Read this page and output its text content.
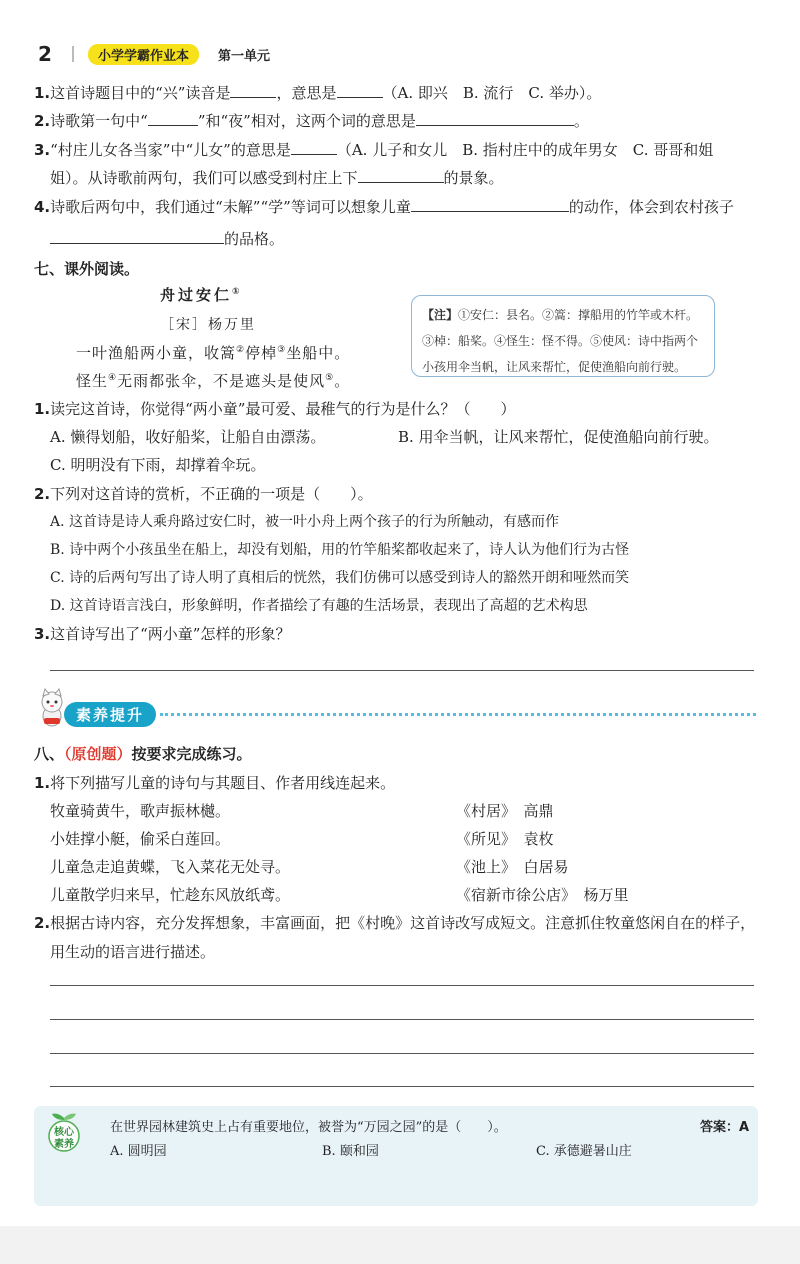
2	小学学霸作业本	第一单元
1.这首诗题目中的“兴”读音是	，意思是	（A. 即兴　B. 流行　C. 举办）。
2.诗歌第一句中“	”和“夜”相对，这两个词的意思是	。
3.“村庄儿女各当家”中“儿女”的意思是	（A. 儿子和女儿　B. 指村庄中的成年男女　C. 哥哥和姐
姐）。从诗歌前两句，我们可以感受到村庄上下	的景象。
4.诗歌后两句中，我们通过“未解”“学”等词可以想象儿童	的动作，体会到农村孩子
的品格。
七、课外阅读。
舟过安仁①
［宋］杨万里
一叶渔船两小童，收篙②停棹③坐船中。
怪生④无雨都张伞，不是遮头是使风⑤。
【注】①安仁：县名。②篙：撑船用的竹竿或木杆。③棹：船桨。④怪生：怪不得。⑤使风：诗中指两个小孩用伞当帆，让风来帮忙，促使渔船向前行驶。
1.读完这首诗，你觉得“两小童”最可爱、最稚气的行为是什么？（　　）
A. 懒得划船，收好船桨，让船自由漂荡。	B. 用伞当帆，让风来帮忙，促使渔船向前行驶。
C. 明明没有下雨，却撑着伞玩。
2.下列对这首诗的赏析，不正确的一项是（　　）。
A. 这首诗是诗人乘舟路过安仁时，被一叶小舟上两个孩子的行为所触动，有感而作
B. 诗中两个小孩虽坐在船上，却没有划船，用的竹竿船桨都收起来了，诗人认为他们行为古怪
C. 诗的后两句写出了诗人明了真相后的恍然，我们仿佛可以感受到诗人的豁然开朗和哑然而笑
D. 这首诗语言浅白，形象鲜明，作者描绘了有趣的生活场景，表现出了高超的艺术构思
3.这首诗写出了“两小童”怎样的形象？
素养提升
八、（原创题）按要求完成练习。
1.将下列描写儿童的诗句与其题目、作者用线连起来。
牧童骑黄牛，歌声振林樾。
小娃撑小艇，偷采白莲回。
儿童急走追黄蝶，飞入菜花无处寻。
儿童散学归来早，忙趁东风放纸鸢。
《村居》　高鼎
《所见》　袁枚
《池上》　白居易
《宿新市徐公店》　杨万里
2.根据古诗内容，充分发挥想象，丰富画面，把《村晚》这首诗改写成短文。注意抓住牧童悠闲自在的样子，
用生动的语言进行描述。
核心
素养
在世界园林建筑史上占有重要地位，被誉为“万园之园”的是（　　）。	答案：A
A. 圆明园	B. 颐和园	C. 承德避暑山庄
